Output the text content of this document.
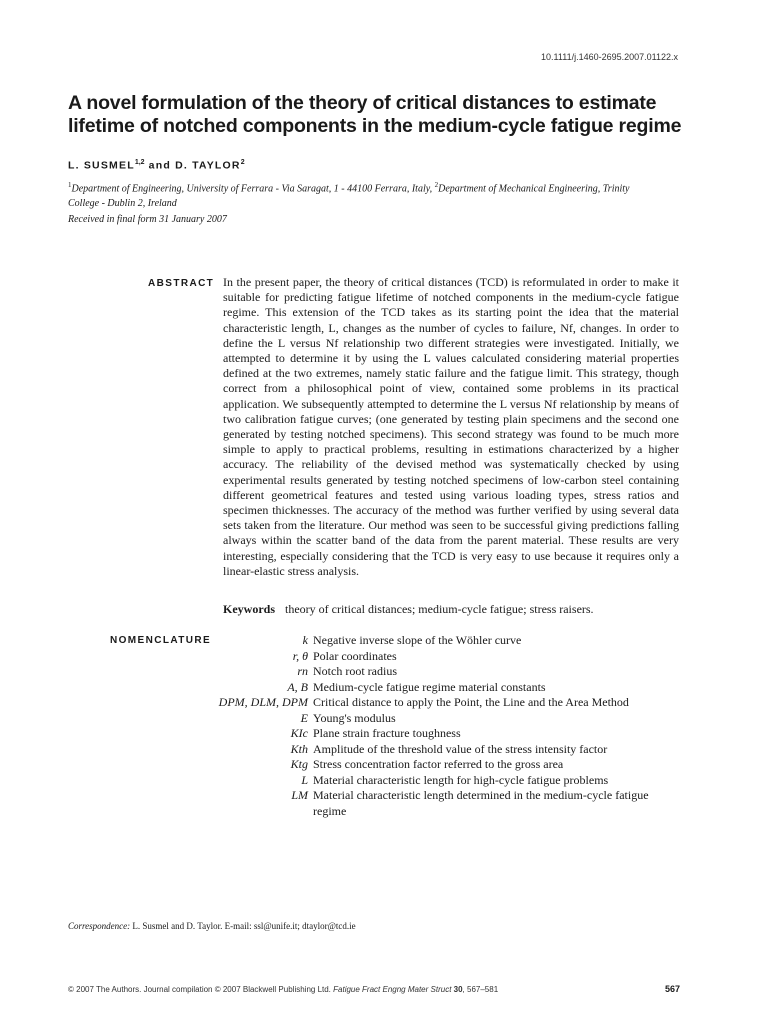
10.1111/j.1460-2695.2007.01122.x
A novel formulation of the theory of critical distances to estimate lifetime of notched components in the medium-cycle fatigue regime
L. SUSMEL$^{1,2}$ and D. TAYLOR$^2$
$^1$Department of Engineering, University of Ferrara - Via Saragat, 1 - 44100 Ferrara, Italy, $^2$Department of Mechanical Engineering, Trinity College - Dublin 2, Ireland
Received in final form 31 January 2007
ABSTRACT In the present paper, the theory of critical distances (TCD) is reformulated in order to make it suitable for predicting fatigue lifetime of notched components in the medium-cycle fatigue regime. This extension of the TCD takes as its starting point the idea that the material characteristic length, L, changes as the number of cycles to failure, Nf, changes. In order to define the L versus Nf relationship two different strategies were investigated. Initially, we attempted to determine it by using the L values calculated considering material properties defined at the two extremes, namely static failure and the fatigue limit. This strategy, though correct from a philosophical point of view, contained some problems in its practical application. We subsequently attempted to determine the L versus Nf relationship by means of two calibration fatigue curves; (one generated by testing plain specimens and the second one generated by testing notched specimens). This second strategy was found to be much more simple to apply to practical problems, resulting in estimations characterized by a higher accuracy. The reliability of the devised method was systematically checked by using experimental results generated by testing notched specimens of low-carbon steel containing different geometrical features and tested using various loading types, stress ratios and specimen thicknesses. The accuracy of the method was further verified by using several data sets taken from the literature. Our method was seen to be successful giving predictions falling always within the scatter band of the data from the parent material. These results are very interesting, especially considering that the TCD is very easy to use because it requires only a linear-elastic stress analysis.

Keywords theory of critical distances; medium-cycle fatigue; stress raisers.
NOMENCLATURE	k Negative inverse slope of the Wöhler curve
r, θ Polar coordinates
rn Notch root radius
A, B Medium-cycle fatigue regime material constants
DPM, DLM, DPM Critical distance to apply the Point, the Line and the Area Method
E Young's modulus
KIc Plane strain fracture toughness
Kth Amplitude of the threshold value of the stress intensity factor
Ktg Stress concentration factor referred to the gross area
L Material characteristic length for high-cycle fatigue problems
LM Material characteristic length determined in the medium-cycle fatigue regime
Correspondence: L. Susmel and D. Taylor. E-mail: ssl@unife.it; dtaylor@tcd.ie
© 2007 The Authors. Journal compilation © 2007 Blackwell Publishing Ltd. Fatigue Fract Engng Mater Struct 30, 567–581	567
